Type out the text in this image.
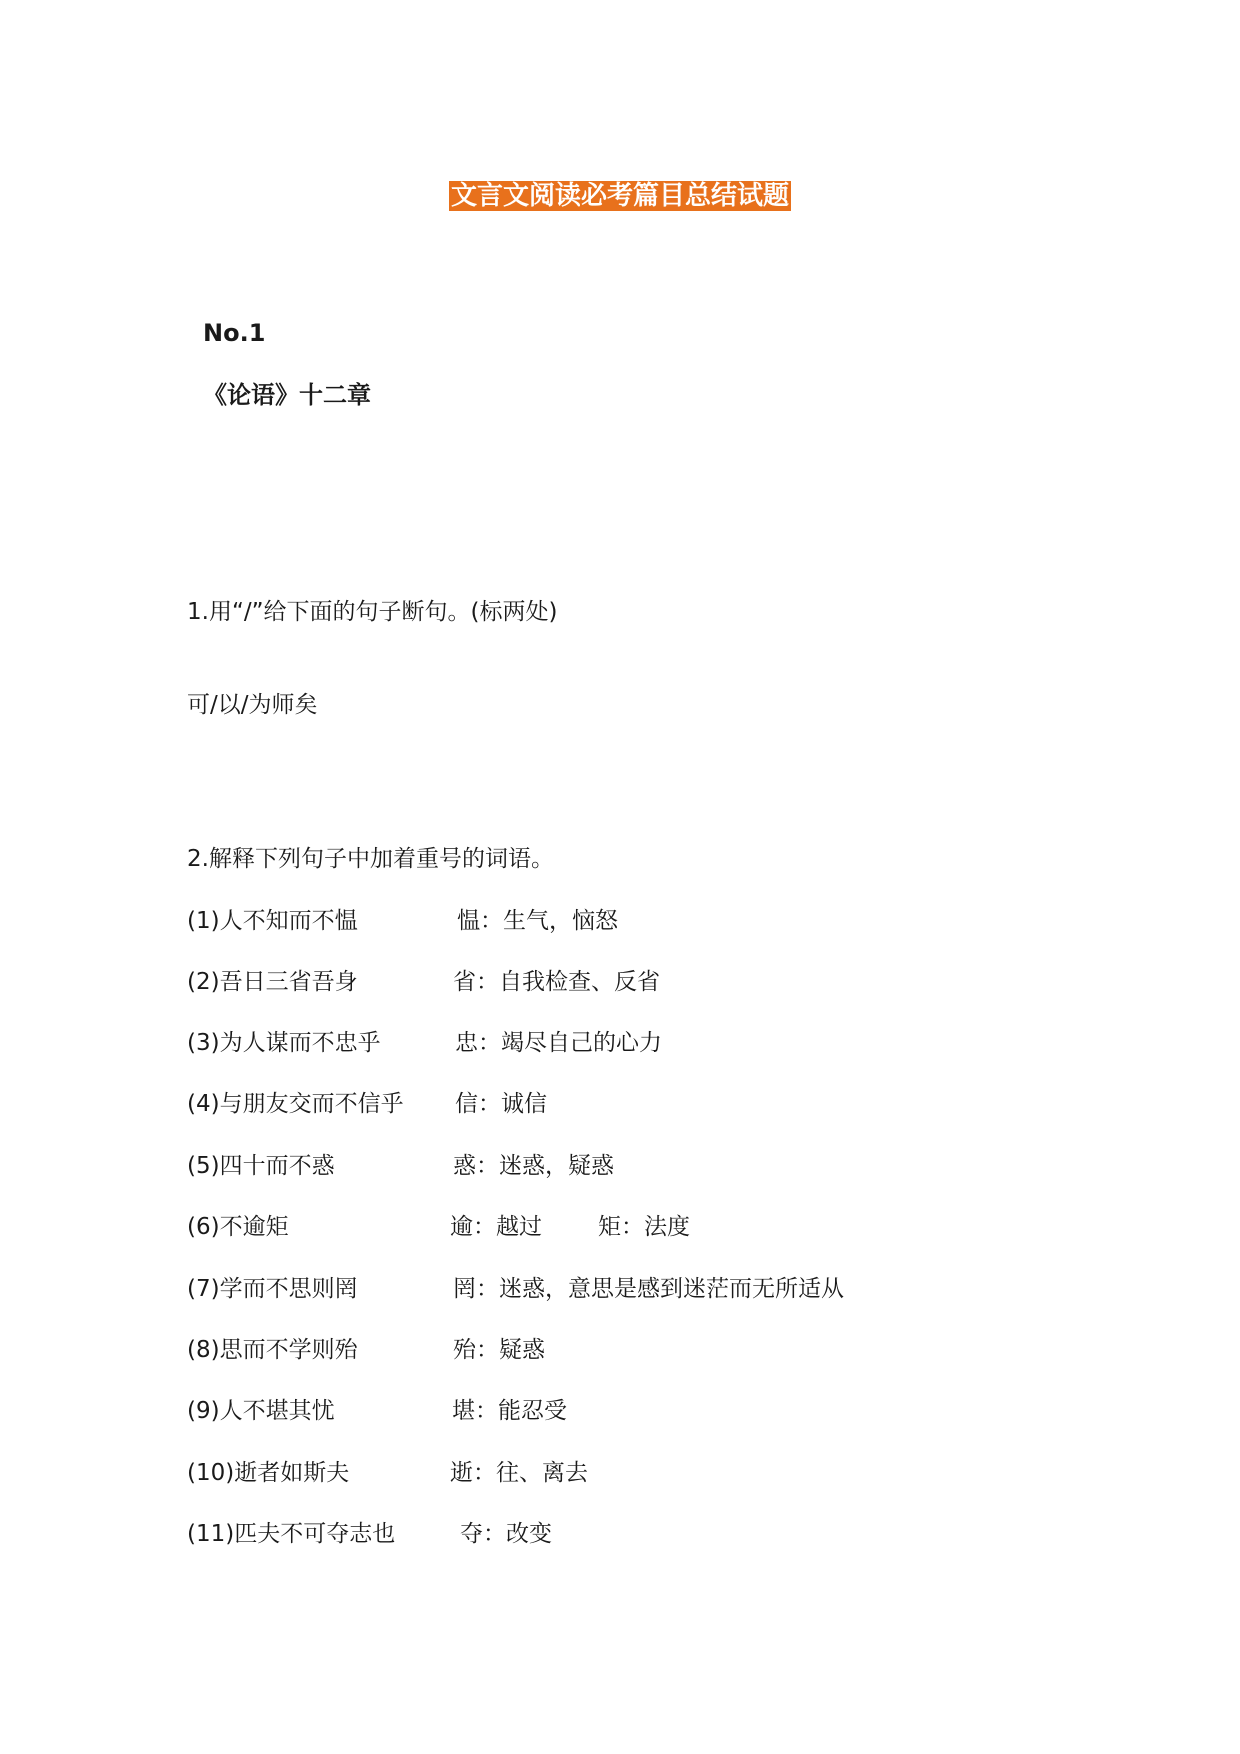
文言文阅读必考篇目总结试题
No.1
《论语》十二章
1.用“/”给下面的句子断句。(标两处)
可/以/为师矣
2.解释下列句子中加着重号的词语。
(1)人不知而不愠	愠：生气，恼怒
(2)吾日三省吾身	省：自我检查、反省
(3)为人谋而不忠乎	忠：竭尽自己的心力
(4)与朋友交而不信乎 信：诚信
(5)四十而不惑	惑：迷惑，疑惑
(6)不逾矩	逾：越过 矩：法度
(7)学而不思则罔	罔：迷惑，意思是感到迷茫而无所适从
(8)思而不学则殆	殆：疑惑
(9)人不堪其忧	堪：能忍受
(10)逝者如斯夫	逝：往、离去
(11)匹夫不可夺志也	夺：改变
